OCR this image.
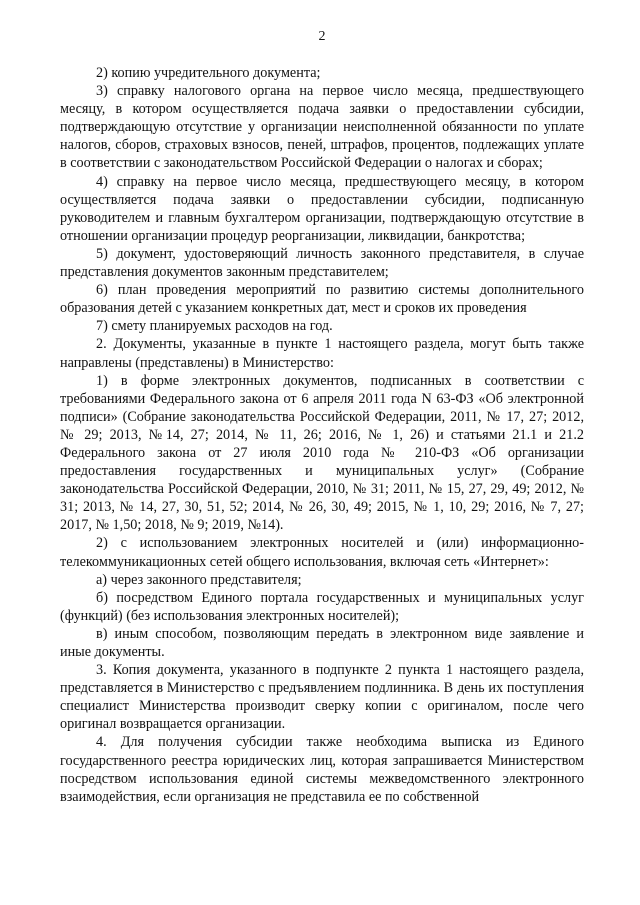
2

2) копию учредительного документа;

3) справку налогового органа на первое число месяца, предшествующего месяцу, в котором осуществляется подача заявки о предоставлении субсидии, подтверждающую отсутствие у организации неисполненной обязанности по уплате налогов, сборов, страховых взносов, пеней, штрафов, процентов, подлежащих уплате в соответствии с законодательством Российской Федерации о налогах и сборах;

4) справку на первое число месяца, предшествующего месяцу, в котором осуществляется подача заявки о предоставлении субсидии, подписанную руководителем и главным бухгалтером организации, подтверждающую отсутствие в отношении организации процедур реорганизации, ликвидации, банкротства;

5) документ, удостоверяющий личность законного представителя, в случае представления документов законным представителем;

6) план проведения мероприятий по развитию системы дополнительного образования детей с указанием конкретных дат, мест и сроков их проведения

7) смету планируемых расходов на год.

2. Документы, указанные в пункте 1 настоящего раздела, могут быть также направлены (представлены) в Министерство:

1) в форме электронных документов, подписанных в соответствии с требованиями Федерального закона от 6 апреля 2011 года N 63-ФЗ «Об электронной подписи» (Собрание законодательства Российской Федерации, 2011, № 17, 27; 2012, № 29; 2013, №14, 27; 2014, № 11, 26; 2016, № 1, 26) и статьями 21.1 и 21.2 Федерального закона от 27 июля 2010 года № 210-ФЗ «Об организации предоставления государственных и муниципальных услуг» (Собрание законодательства Российской Федерации, 2010, № 31; 2011, № 15, 27, 29, 49; 2012, № 31; 2013, № 14, 27, 30, 51, 52; 2014, № 26, 30, 49; 2015, № 1, 10, 29; 2016, № 7, 27; 2017, № 1,50; 2018, № 9; 2019, №14).

2) с использованием электронных носителей и (или) информационно-телекоммуникационных сетей общего использования, включая сеть «Интернет»:

а) через законного представителя;

б) посредством Единого портала государственных и муниципальных услуг (функций) (без использования электронных носителей);

в) иным способом, позволяющим передать в электронном виде заявление и иные документы.

3. Копия документа, указанного в подпункте 2 пункта 1 настоящего раздела, представляется в Министерство с предъявлением подлинника. В день их поступления специалист Министерства производит сверку копии с оригиналом, после чего оригинал возвращается организации.

4. Для получения субсидии также необходима выписка из Единого государственного реестра юридических лиц, которая запрашивается Министерством посредством использования единой системы межведомственного электронного взаимодействия, если организация не представила ее по собственной
